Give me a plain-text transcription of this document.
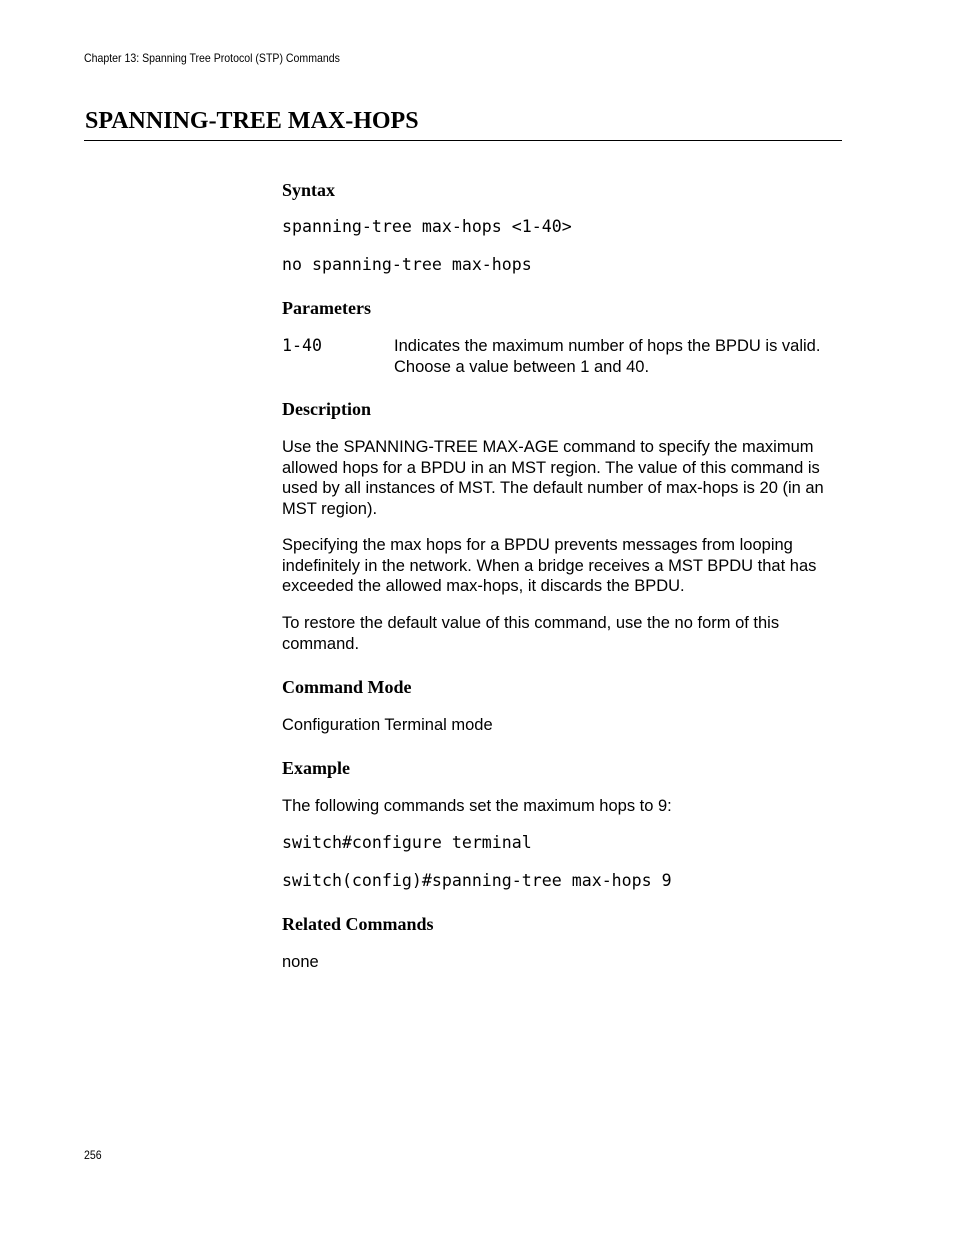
Chapter 13: Spanning Tree Protocol (STP) Commands
SPANNING-TREE MAX-HOPS
Syntax

spanning-tree max-hops <1-40>

no spanning-tree max-hops

Parameters

1-40	Indicates the maximum number of hops the BPDU is valid. Choose a value between 1 and 40.

Description

Use the SPANNING-TREE MAX-AGE command to specify the maximum allowed hops for a BPDU in an MST region. The value of this command is used by all instances of MST. The default number of max-hops is 20 (in an MST region).

Specifying the max hops for a BPDU prevents messages from looping indefinitely in the network. When a bridge receives a MST BPDU that has exceeded the allowed max-hops, it discards the BPDU.

To restore the default value of this command, use the no form of this command.

Command Mode

Configuration Terminal mode

Example

The following commands set the maximum hops to 9:

switch#configure terminal

switch(config)#spanning-tree max-hops 9

Related Commands

none

256
